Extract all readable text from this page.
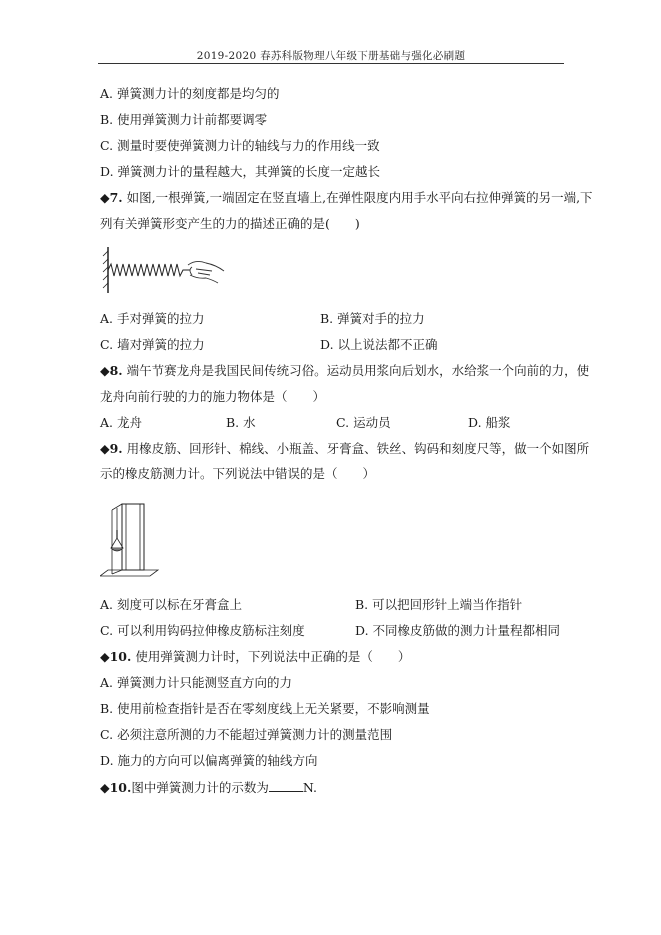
2019-2020 春苏科版物理八年级下册基础与强化必刷题
A. 弹簧测力计的刻度都是均匀的
B. 使用弹簧测力计前都要调零
C. 测量时要使弹簧测力计的轴线与力的作用线一致
D. 弹簧测力计的量程越大，其弹簧的长度一定越长
◆7. 如图,一根弹簧,一端固定在竖直墙上,在弹性限度内用手水平向右拉伸弹簧的另一端,下
列有关弹簧形变产生的力的描述正确的是(　　)
A. 手对弹簧的拉力	B. 弹簧对手的拉力
C. 墙对弹簧的拉力	D. 以上说法都不正确
◆8. 端午节赛龙舟是我国民间传统习俗。运动员用浆向后划水，水给浆一个向前的力，使
龙舟向前行驶的力的施力物体是（　　）
A. 龙舟	B. 水	C. 运动员	D. 船浆
◆9. 用橡皮筋、回形针、棉线、小瓶盖、牙膏盒、铁丝、钩码和刻度尺等，做一个如图所
示的橡皮筋测力计。下列说法中错误的是（　　）
A. 刻度可以标在牙膏盒上	B. 可以把回形针上端当作指针
C. 可以利用钩码拉伸橡皮筋标注刻度	D. 不同橡皮筋做的测力计量程都相同
◆10. 使用弹簧测力计时，下列说法中正确的是（　　）
A. 弹簧测力计只能测竖直方向的力
B. 使用前检查指针是否在零刻度线上无关紧要，不影响测量
C. 必须注意所测的力不能超过弹簧测力计的测量范围
D. 施力的方向可以偏离弹簧的轴线方向
◆10.图中弹簧测力计的示数为	N.
